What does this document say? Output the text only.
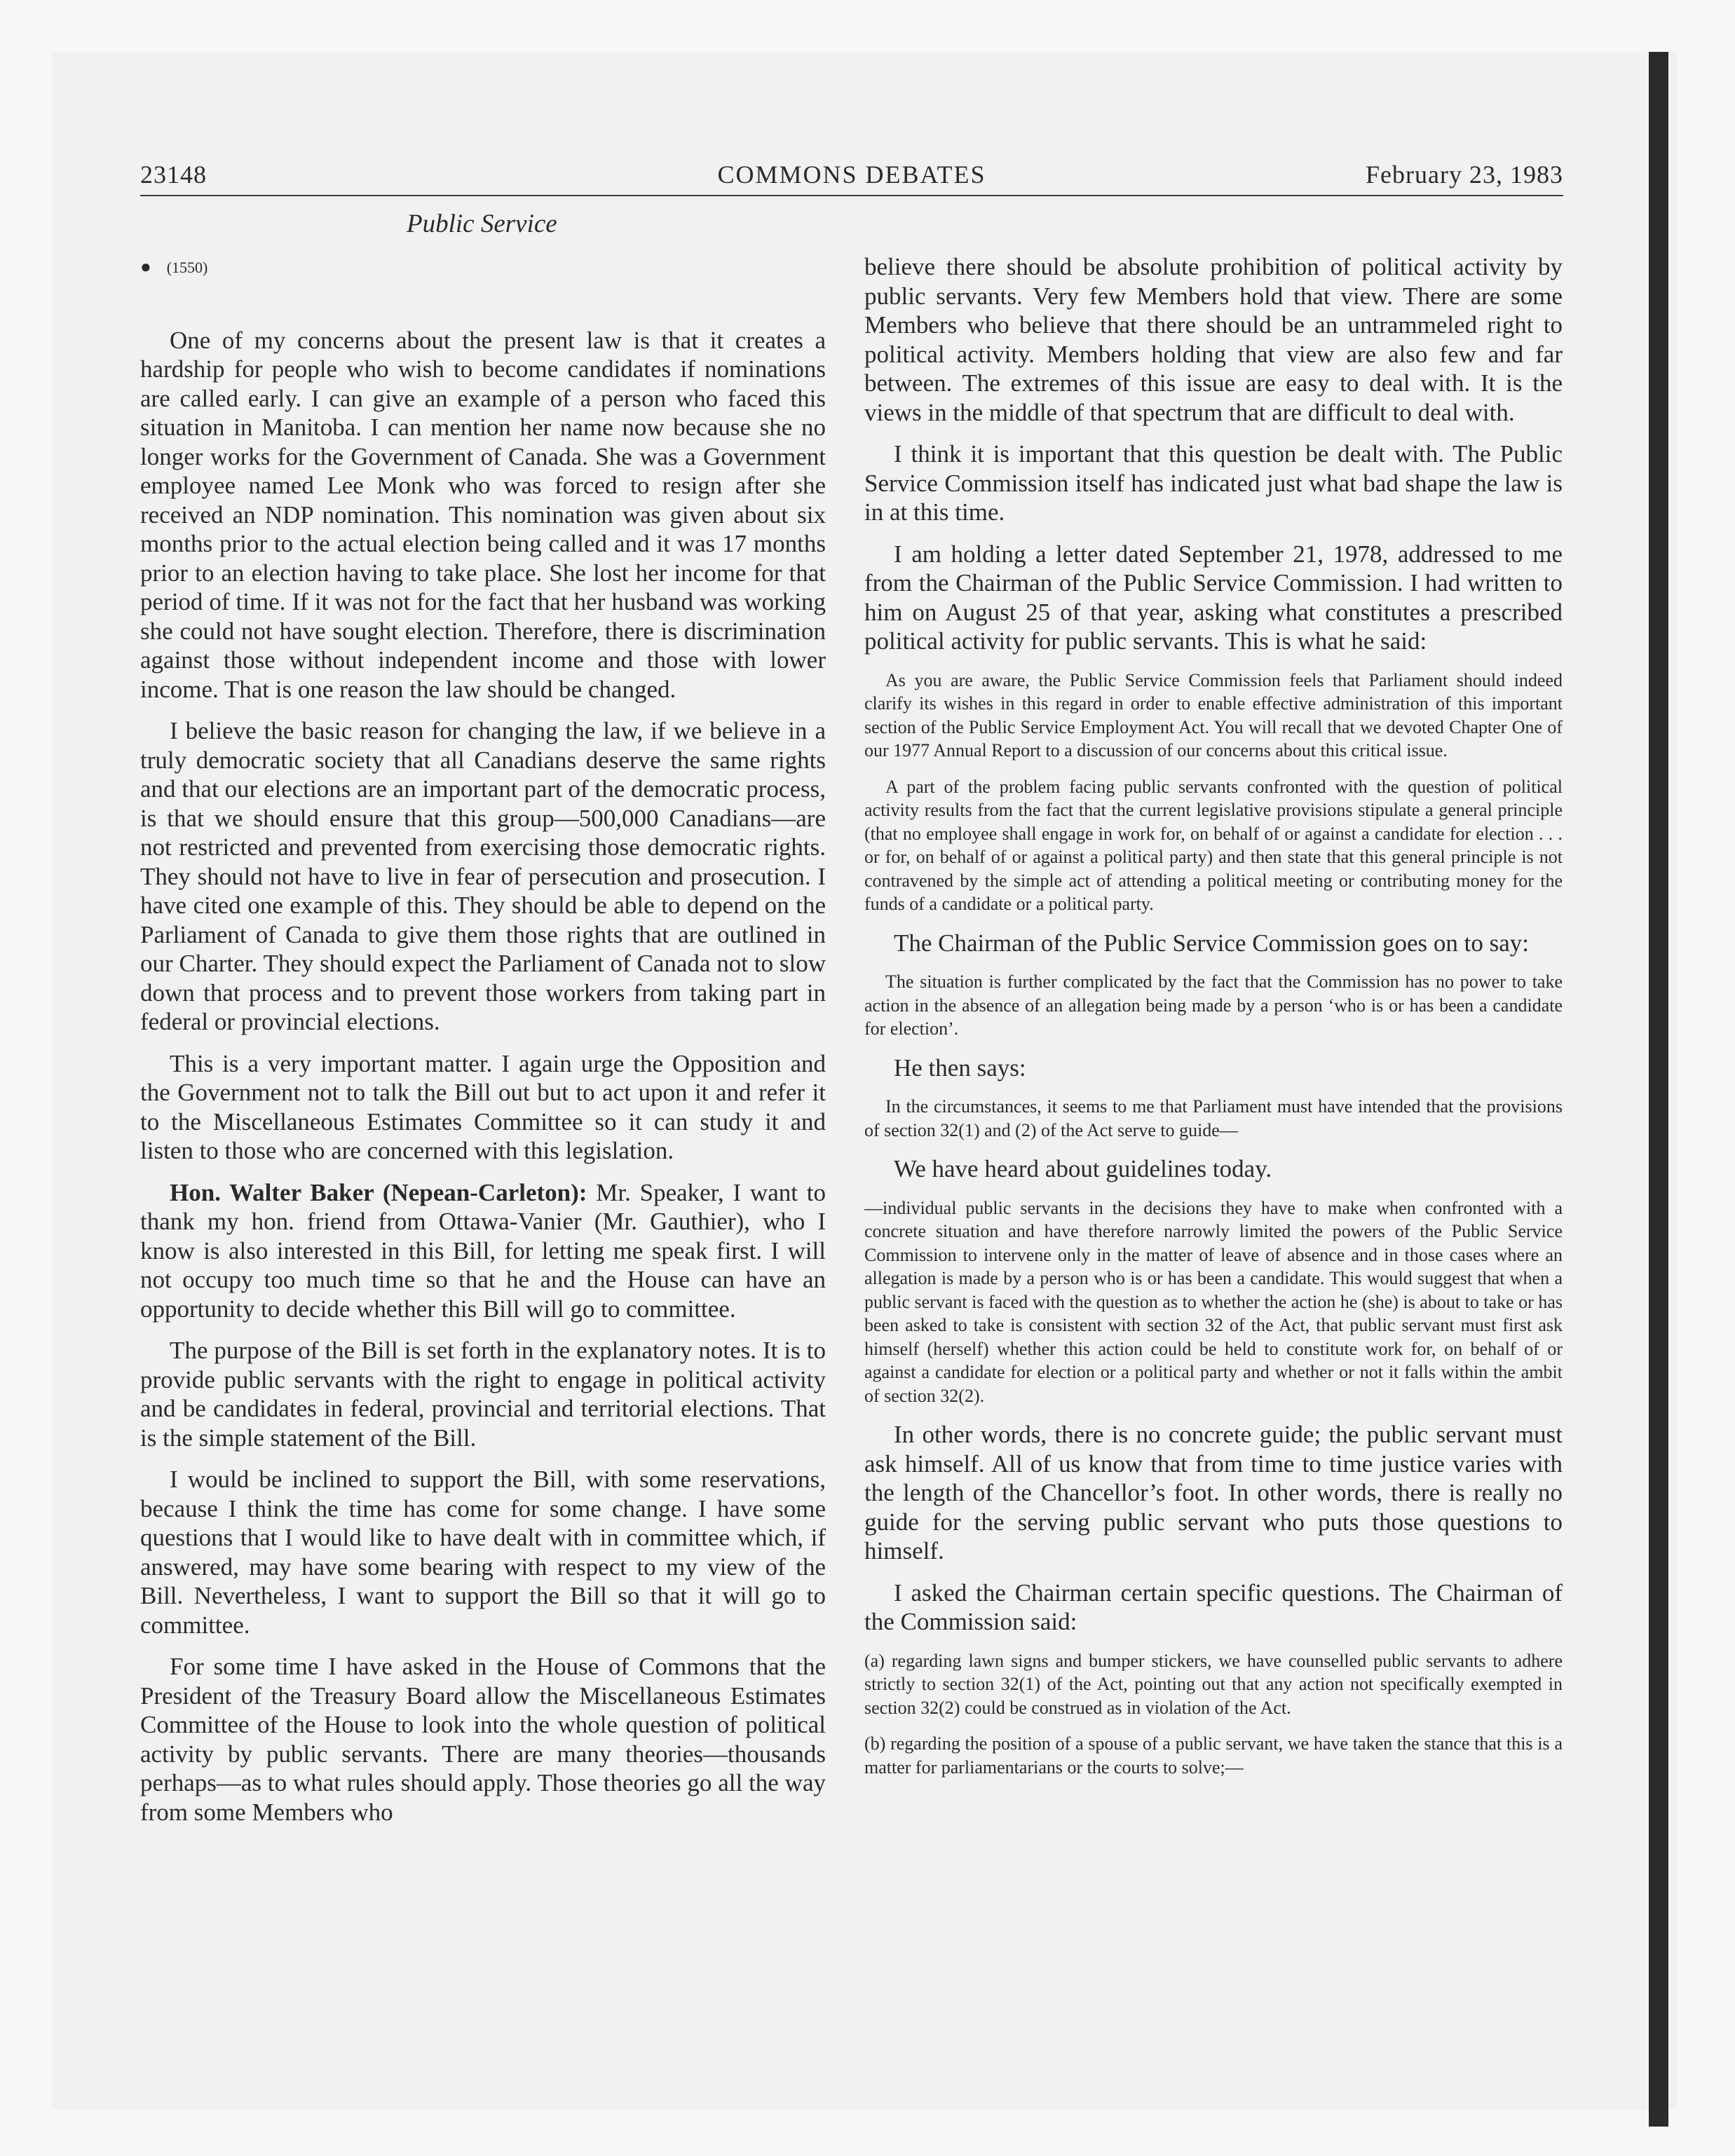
23148	COMMONS DEBATES	February 23, 1983
Public Service
● (1550)

One of my concerns about the present law is that it creates a hardship for people who wish to become candidates if nominations are called early. I can give an example of a person who faced this situation in Manitoba. I can mention her name now because she no longer works for the Government of Canada. She was a Government employee named Lee Monk who was forced to resign after she received an NDP nomination. This nomination was given about six months prior to the actual election being called and it was 17 months prior to an election having to take place. She lost her income for that period of time. If it was not for the fact that her husband was working she could not have sought election. Therefore, there is discrimination against those without independent income and those with lower income. That is one reason the law should be changed.

I believe the basic reason for changing the law, if we believe in a truly democratic society that all Canadians deserve the same rights and that our elections are an important part of the democratic process, is that we should ensure that this group—500,000 Canadians—are not restricted and prevented from exercising those democratic rights. They should not have to live in fear of persecution and prosecution. I have cited one example of this. They should be able to depend on the Parliament of Canada to give them those rights that are outlined in our Charter. They should expect the Parliament of Canada not to slow down that process and to prevent those workers from taking part in federal or provincial elections.

This is a very important matter. I again urge the Opposition and the Government not to talk the Bill out but to act upon it and refer it to the Miscellaneous Estimates Committee so it can study it and listen to those who are concerned with this legislation.

Hon. Walter Baker (Nepean-Carleton): Mr. Speaker, I want to thank my hon. friend from Ottawa-Vanier (Mr. Gauthier), who I know is also interested in this Bill, for letting me speak first. I will not occupy too much time so that he and the House can have an opportunity to decide whether this Bill will go to committee.

The purpose of the Bill is set forth in the explanatory notes. It is to provide public servants with the right to engage in political activity and be candidates in federal, provincial and territorial elections. That is the simple statement of the Bill.

I would be inclined to support the Bill, with some reservations, because I think the time has come for some change. I have some questions that I would like to have dealt with in committee which, if answered, may have some bearing with respect to my view of the Bill. Nevertheless, I want to support the Bill so that it will go to committee.

For some time I have asked in the House of Commons that the President of the Treasury Board allow the Miscellaneous Estimates Committee of the House to look into the whole question of political activity by public servants. There are many theories—thousands perhaps—as to what rules should apply. Those theories go all the way from some Members who

believe there should be absolute prohibition of political activity by public servants. Very few Members hold that view. There are some Members who believe that there should be an untrammeled right to political activity. Members holding that view are also few and far between. The extremes of this issue are easy to deal with. It is the views in the middle of that spectrum that are difficult to deal with.

I think it is important that this question be dealt with. The Public Service Commission itself has indicated just what bad shape the law is in at this time.

I am holding a letter dated September 21, 1978, addressed to me from the Chairman of the Public Service Commission. I had written to him on August 25 of that year, asking what constitutes a prescribed political activity for public servants. This is what he said:

As you are aware, the Public Service Commission feels that Parliament should indeed clarify its wishes in this regard in order to enable effective administration of this important section of the Public Service Employment Act. You will recall that we devoted Chapter One of our 1977 Annual Report to a discussion of our concerns about this critical issue.
A part of the problem facing public servants confronted with the question of political activity results from the fact that the current legislative provisions stipulate a general principle (that no employee shall engage in work for, on behalf of or against a candidate for election . . . or for, on behalf of or against a political party) and then state that this general principle is not contravened by the simple act of attending a political meeting or contributing money for the funds of a candidate or a political party.

The Chairman of the Public Service Commission goes on to say:

The situation is further complicated by the fact that the Commission has no power to take action in the absence of an allegation being made by a person ‘who is or has been a candidate for election’.

He then says:

In the circumstances, it seems to me that Parliament must have intended that the provisions of section 32(1) and (2) of the Act serve to guide—

We have heard about guidelines today.

—individual public servants in the decisions they have to make when confronted with a concrete situation and have therefore narrowly limited the powers of the Public Service Commission to intervene only in the matter of leave of absence and in those cases where an allegation is made by a person who is or has been a candidate. This would suggest that when a public servant is faced with the question as to whether the action he (she) is about to take or has been asked to take is consistent with section 32 of the Act, that public servant must first ask himself (herself) whether this action could be held to constitute work for, on behalf of or against a candidate for election or a political party and whether or not it falls within the ambit of section 32(2).

In other words, there is no concrete guide; the public servant must ask himself. All of us know that from time to time justice varies with the length of the Chancellor’s foot. In other words, there is really no guide for the serving public servant who puts those questions to himself.

I asked the Chairman certain specific questions. The Chairman of the Commission said:

(a) regarding lawn signs and bumper stickers, we have counselled public servants to adhere strictly to section 32(1) of the Act, pointing out that any action not specifically exempted in section 32(2) could be construed as in violation of the Act.
(b) regarding the position of a spouse of a public servant, we have taken the stance that this is a matter for parliamentarians or the courts to solve;—
